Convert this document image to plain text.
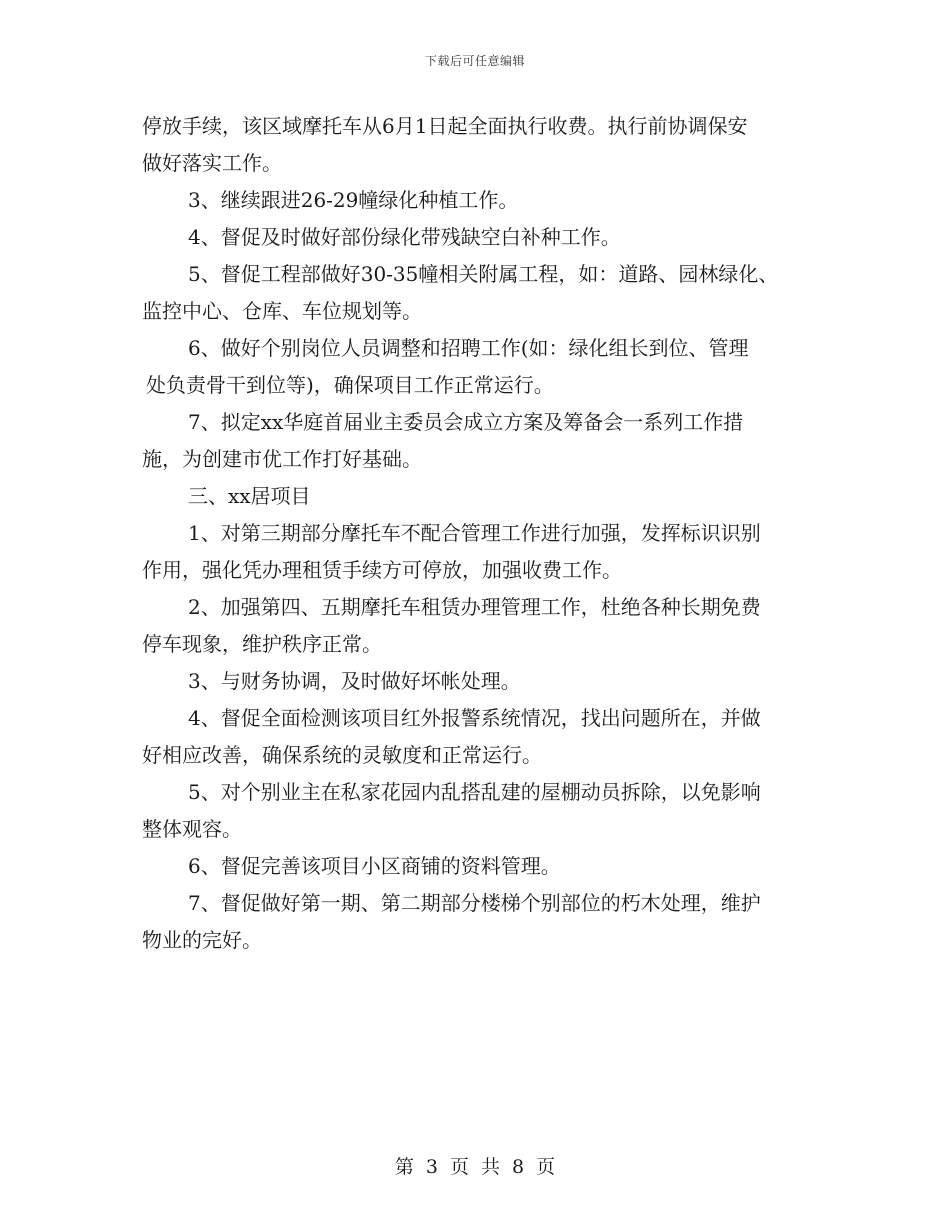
下载后可任意编辑

停放手续，该区域摩托车从6月1日起全面执行收费。执行前协调保安
做好落实工作。

3、继续跟进26-29幢绿化种植工作。

4、督促及时做好部份绿化带残缺空白补种工作。

5、督促工程部做好30-35幢相关附属工程，如：道路、园林绿化、
监控中心、仓库、车位规划等。

6、做好个别岗位人员调整和招聘工作(如：绿化组长到位、管理
处负责骨干到位等)，确保项目工作正常运行。

7、拟定xx华庭首届业主委员会成立方案及筹备会一系列工作措
施，为创建市优工作打好基础。

三、xx居项目

1、对第三期部分摩托车不配合管理工作进行加强，发挥标识识别
作用，强化凭办理租赁手续方可停放，加强收费工作。

2、加强第四、五期摩托车租赁办理管理工作，杜绝各种长期免费
停车现象，维护秩序正常。

3、与财务协调，及时做好坏帐处理。

4、督促全面检测该项目红外报警系统情况，找出问题所在，并做
好相应改善，确保系统的灵敏度和正常运行。

5、对个别业主在私家花园内乱搭乱建的屋棚动员拆除，以免影响
整体观容。

6、督促完善该项目小区商铺的资料管理。

7、督促做好第一期、第二期部分楼梯个别部位的朽木处理，维护
物业的完好。

第 3 页 共 8 页
